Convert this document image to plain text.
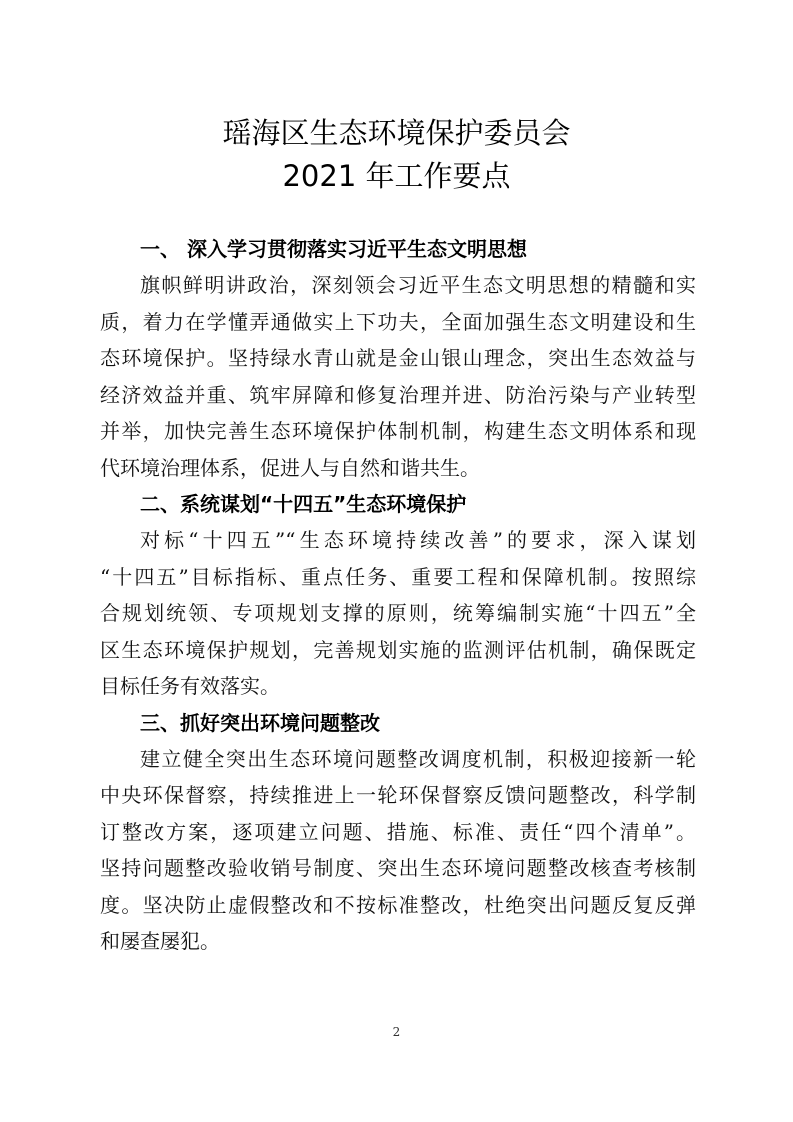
瑶海区生态环境保护委员会
2021 年工作要点
一、 深入学习贯彻落实习近平生态文明思想

旗帜鲜明讲政治，深刻领会习近平生态文明思想的精髓和实
质，着力在学懂弄通做实上下功夫，全面加强生态文明建设和生
态环境保护。坚持绿水青山就是金山银山理念，突出生态效益与
经济效益并重、筑牢屏障和修复治理并进、防治污染与产业转型
并举，加快完善生态环境保护体制机制，构建生态文明体系和现
代环境治理体系，促进人与自然和谐共生。

二、系统谋划“十四五”生态环境保护

对标“十四五”“生态环境持续改善”的要求，深入谋划
“十四五”目标指标、重点任务、重要工程和保障机制。按照综
合规划统领、专项规划支撑的原则，统筹编制实施“十四五”全
区生态环境保护规划，完善规划实施的监测评估机制，确保既定
目标任务有效落实。

三、抓好突出环境问题整改

建立健全突出生态环境问题整改调度机制，积极迎接新一轮
中央环保督察，持续推进上一轮环保督察反馈问题整改，科学制
订整改方案，逐项建立问题、措施、标准、责任“四个清单”。
坚持问题整改验收销号制度、突出生态环境问题整改核查考核制
度。坚决防止虚假整改和不按标准整改，杜绝突出问题反复反弹
和屡查屡犯。

2
